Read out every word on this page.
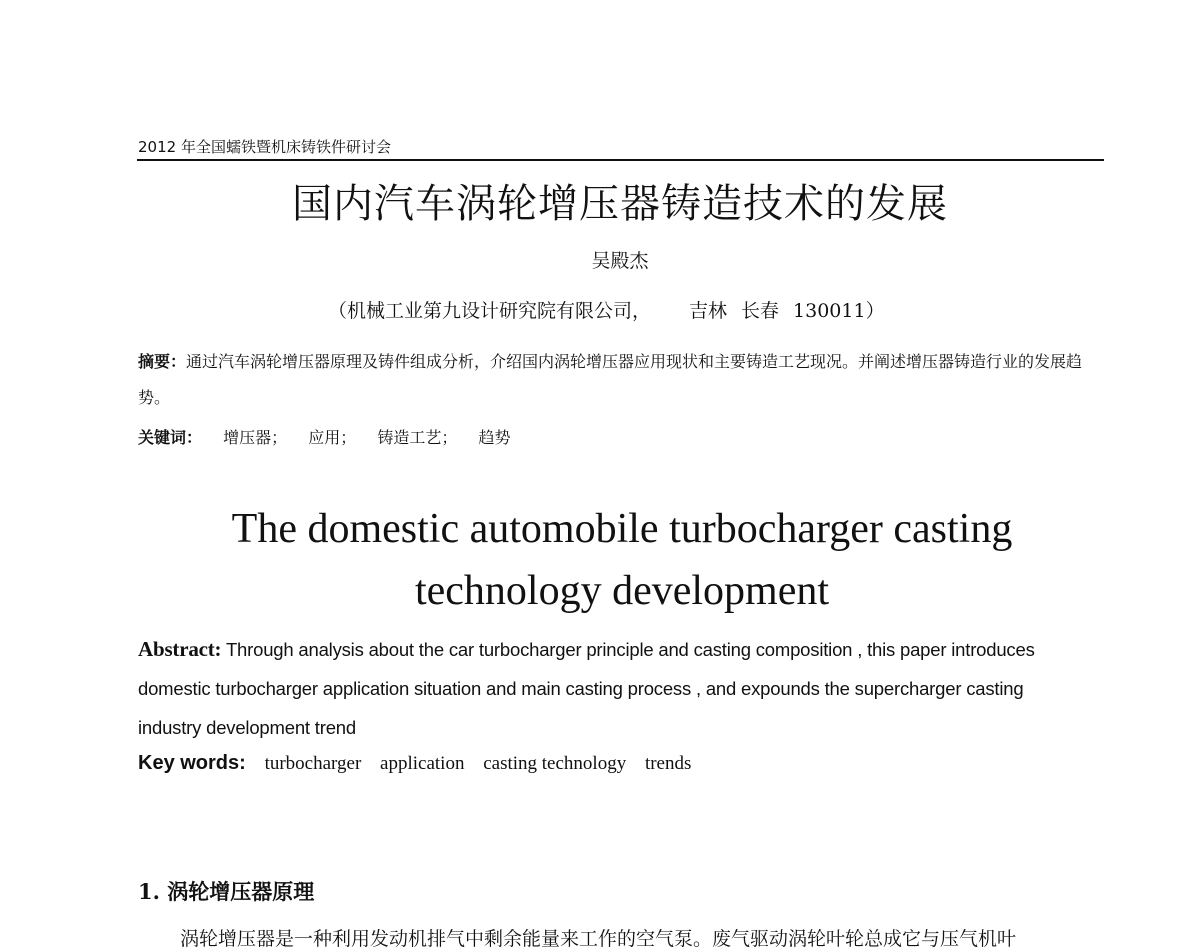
2012 年全国蠕铁暨机床铸铁件研讨会
国内汽车涡轮增压器铸造技术的发展
吴殿杰
（机械工业第九设计研究院有限公司， 吉林 长春 130011）
摘要：通过汽车涡轮增压器原理及铸件组成分析，介绍国内涡轮增压器应用现状和主要铸造工艺现况。并阐述增压器铸造行业的发展趋势。
关键词： 增压器； 应用； 铸造工艺； 趋势
The domestic automobile turbocharger casting
technology development
Abstract: Through analysis about the car turbocharger principle and casting composition , this paper introduces domestic turbocharger application situation and main casting process , and expounds the supercharger casting industry development trend
Key words: turbocharger application casting technology trends
1. 涡轮增压器原理
涡轮增压器是一种利用发动机排气中剩余能量来工作的空气泵。废气驱动涡轮叶轮总成它与压气机叶
